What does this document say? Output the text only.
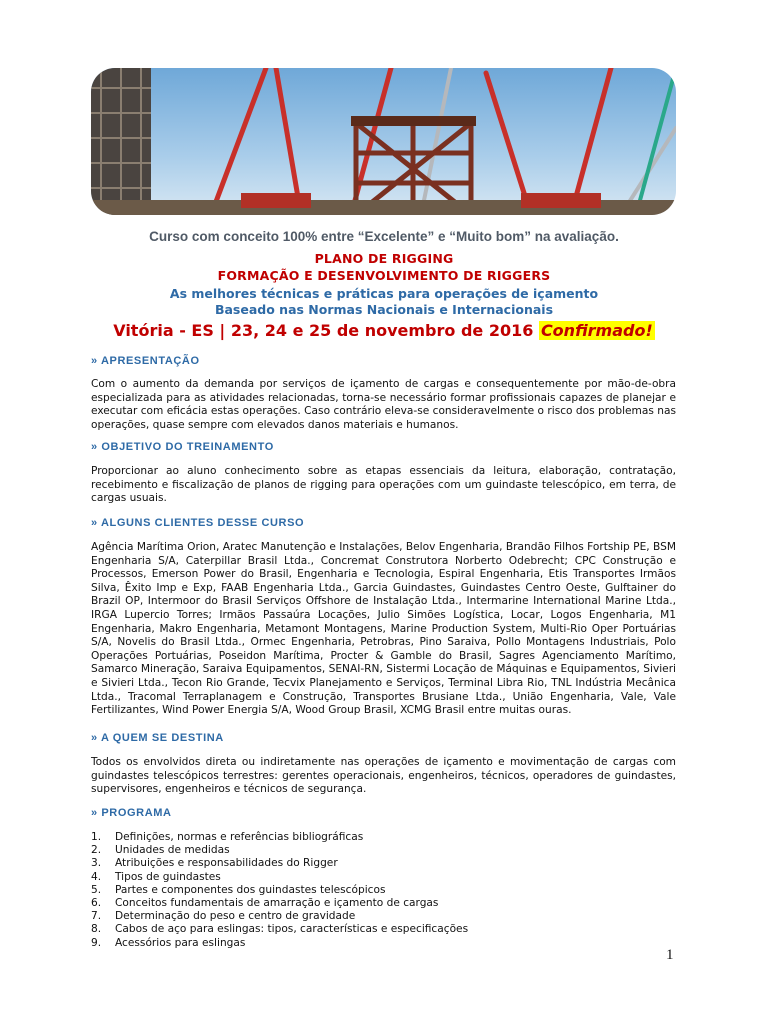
Curso com conceito 100% entre “Excelente” e “Muito bom” na avaliação.
PLANO DE RIGGING
FORMAÇÃO E DESENVOLVIMENTO DE RIGGERS
As melhores técnicas e práticas para operações de içamento
Baseado nas Normas Nacionais e Internacionais
Vitória - ES | 23, 24 e 25 de novembro de 2016 Confirmado!
» APRESENTAÇÃO
Com o aumento da demanda por serviços de içamento de cargas e consequentemente por mão-de-obra especializada para as atividades relacionadas, torna-se necessário formar profissionais capazes de planejar e executar com eficácia estas operações. Caso contrário eleva-se consideravelmente o risco dos problemas nas operações, quase sempre com elevados danos materiais e humanos.
» OBJETIVO DO TREINAMENTO
Proporcionar ao aluno conhecimento sobre as etapas essenciais da leitura, elaboração, contratação, recebimento e fiscalização de planos de rigging para operações com um guindaste telescópico, em terra, de cargas usuais.
» ALGUNS CLIENTES DESSE CURSO
Agência Marítima Orion, Aratec Manutenção e Instalações, Belov Engenharia, Brandão Filhos Fortship PE, BSM Engenharia S/A, Caterpillar Brasil Ltda., Concremat Construtora Norberto Odebrecht; CPC Construção e Processos, Emerson Power do Brasil, Engenharia e Tecnologia, Espiral Engenharia, Etis Transportes Irmãos Silva, Êxito Imp e Exp, FAAB Engenharia Ltda., Garcia Guindastes, Guindastes Centro Oeste, Gulftainer do Brazil OP, Intermoor do Brasil Serviços Offshore de Instalação Ltda., Intermarine International Marine Ltda., IRGA Lupercio Torres; Irmãos Passaúra Locações, Julio Simões Logística, Locar, Logos Engenharia, M1 Engenharia, Makro Engenharia, Metamont Montagens, Marine Production System, Multi-Rio Oper Portuárias S/A, Novelis do Brasil Ltda., Ormec Engenharia, Petrobras, Pino Saraiva, Pollo Montagens Industriais, Polo Operações Portuárias, Poseidon Marítima, Procter & Gamble do Brasil, Sagres Agenciamento Marítimo, Samarco Mineração, Saraiva Equipamentos, SENAI-RN, Sistermi Locação de Máquinas e Equipamentos, Sivieri e Sivieri Ltda., Tecon Rio Grande, Tecvix Planejamento e Serviços, Terminal Libra Rio, TNL Indústria Mecânica Ltda., Tracomal Terraplanagem e Construção, Transportes Brusiane Ltda., União Engenharia, Vale, Vale Fertilizantes, Wind Power Energia S/A, Wood Group Brasil, XCMG Brasil entre muitas ouras.
» A QUEM SE DESTINA
Todos os envolvidos direta ou indiretamente nas operações de içamento e movimentação de cargas com guindastes telescópicos terrestres: gerentes operacionais, engenheiros, técnicos, operadores de guindastes, supervisores, engenheiros e técnicos de segurança.
» PROGRAMA
1.	Definições, normas e referências bibliográficas
2.	Unidades de medidas
3.	Atribuições e responsabilidades do Rigger
4.	Tipos de guindastes
5.	Partes e componentes dos guindastes telescópicos
6.	Conceitos fundamentais de amarração e içamento de cargas
7.	Determinação do peso e centro de gravidade
8.	Cabos de aço para eslingas: tipos, características e especificações
9.	Acessórios para eslingas
1
